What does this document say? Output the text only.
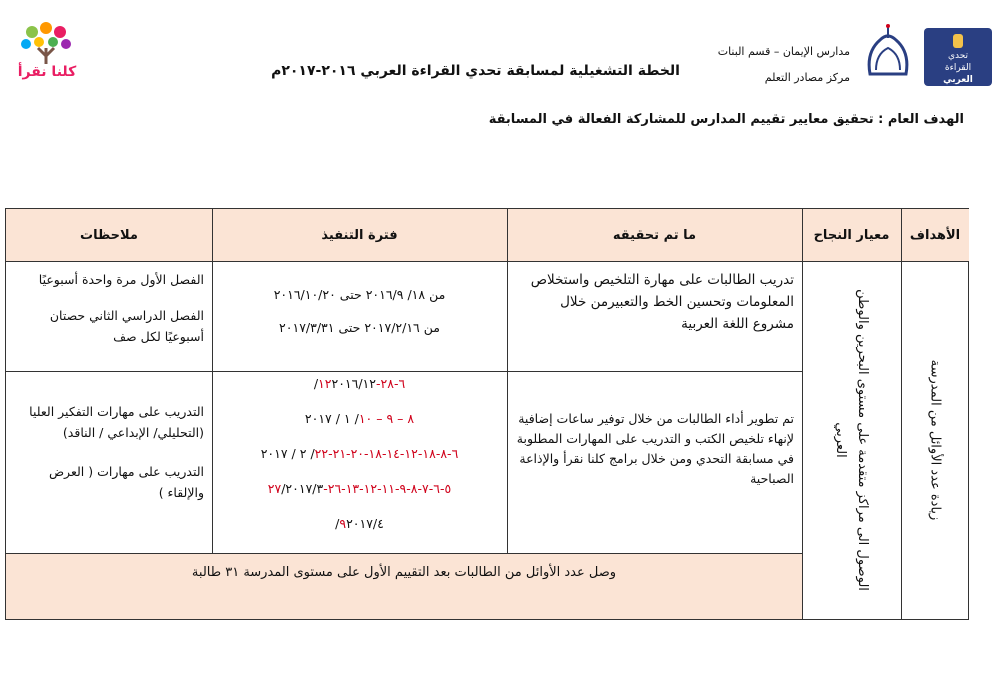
كلنا نقرأ
تحدي
القراءة
العربي
مدارس الإيمان – قسم البنات
مركز مصادر التعلم
الخطة التشغيلية لمسابقة تحدي القراءة العربي ٢٠١٦-٢٠١٧م
الهدف العام : تحقيق معايير تقييم المدارس للمشاركة الفعالة في المسابقة
الأهداف
معيار النجاح
ما تم تحقيقه
فترة التنفيذ
ملاحظات
وصل عدد الأوائل من الطالبات بعد التقييم الأول على مستوى المدرسة ٣١ طالبة
زيادة عدد الأوائل من المدرسة
الوصول الى مراكز متقدمة على مستوى البحرين والوطن العربي
تدريب الطالبات على مهارة التلخيص واستخلاص المعلومات وتحسين الخط والتعبيرمن خلال مشروع اللغة العربية
من ١٨/ ٢٠١٦/٩ حتى ٢٠١٦/١٠/٢٠
من ٢٠١٧/٢/١٦ حتى ٢٠١٧/٣/٣١
الفصل الأول مرة واحدة أسبوعيًا
الفصل الدراسي الثاني حصتان أسبوعيًا لكل صف
تم تطوير أداء الطالبات من خلال توفير ساعات إضافية لإنهاء تلخيص الكتب و التدريب على المهارات المطلوبة في مسابقة التحدي ومن خلال برامج كلنا نقرأ والإذاعة الصباحية
٦-٢٨-١٢٢٠١٦/١٢/
٨ – ٩ – ١٠/ ١ / ٢٠١٧
٦-٨-١٨-١٢-١٤-١٨-٢٠-٢١-٢٢/ ٢ / ٢٠١٧
٥-٦-٧-٨-٩-١١-١٢-١٣-٢٦-٢٧/٢٠١٧/٣
٩٢٠١٧/٤/
التدريب على مهارات التفكير العليا (التحليلي/ الإبداعي / الناقد)
التدريب على مهارات ( العرض والإلقاء )
